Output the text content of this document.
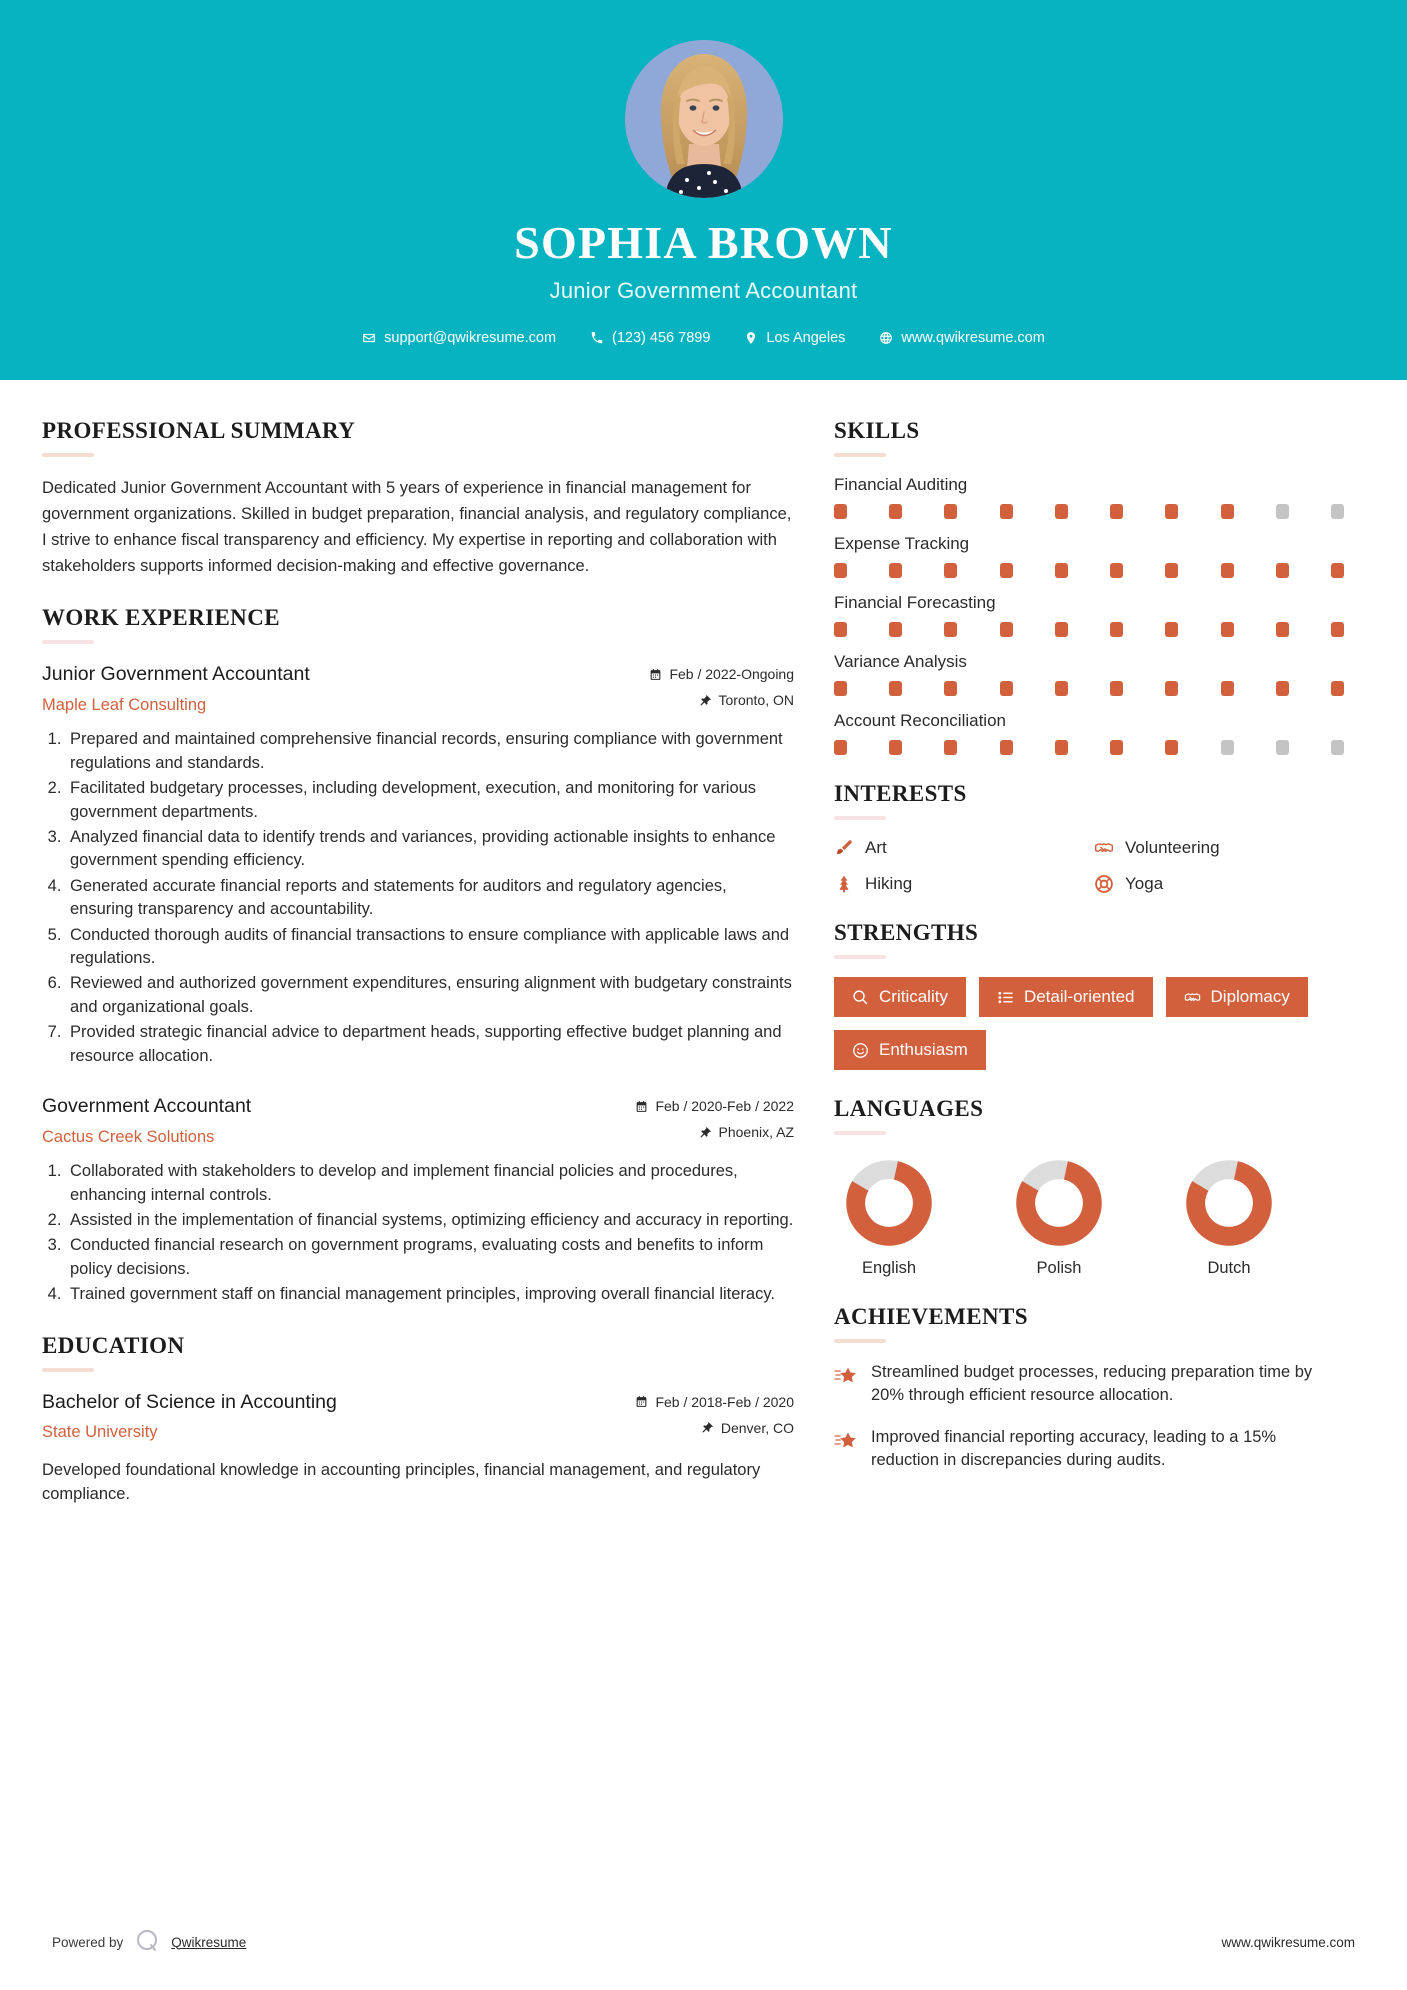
SOPHIA BROWN
Junior Government Accountant
support@qwikresume.com	(123) 456 7899	Los Angeles	www.qwikresume.com
PROFESSIONAL SUMMARY
Dedicated Junior Government Accountant with 5 years of experience in financial management for government organizations. Skilled in budget preparation, financial analysis, and regulatory compliance, I strive to enhance fiscal transparency and efficiency. My expertise in reporting and collaboration with stakeholders supports informed decision-making and effective governance.
WORK EXPERIENCE
Junior Government Accountant
Maple Leaf Consulting
Feb / 2022-Ongoing
Toronto, ON
1. Prepared and maintained comprehensive financial records, ensuring compliance with government regulations and standards.
2. Facilitated budgetary processes, including development, execution, and monitoring for various government departments.
3. Analyzed financial data to identify trends and variances, providing actionable insights to enhance government spending efficiency.
4. Generated accurate financial reports and statements for auditors and regulatory agencies, ensuring transparency and accountability.
5. Conducted thorough audits of financial transactions to ensure compliance with applicable laws and regulations.
6. Reviewed and authorized government expenditures, ensuring alignment with budgetary constraints and organizational goals.
7. Provided strategic financial advice to department heads, supporting effective budget planning and resource allocation.
Government Accountant
Cactus Creek Solutions
Feb / 2020-Feb / 2022
Phoenix, AZ
1. Collaborated with stakeholders to develop and implement financial policies and procedures, enhancing internal controls.
2. Assisted in the implementation of financial systems, optimizing efficiency and accuracy in reporting.
3. Conducted financial research on government programs, evaluating costs and benefits to inform policy decisions.
4. Trained government staff on financial management principles, improving overall financial literacy.
EDUCATION
Bachelor of Science in Accounting
State University
Feb / 2018-Feb / 2020
Denver, CO
Developed foundational knowledge in accounting principles, financial management, and regulatory compliance.
SKILLS
Financial Auditing
Expense Tracking
Financial Forecasting
Variance Analysis
Account Reconciliation
INTERESTS
Art	Volunteering
Hiking	Yoga
STRENGTHS
Criticality	Detail-oriented	Diplomacy
Enthusiasm
LANGUAGES
English	Polish	Dutch
ACHIEVEMENTS
Streamlined budget processes, reducing preparation time by 20% through efficient resource allocation.
Improved financial reporting accuracy, leading to a 15% reduction in discrepancies during audits.
Powered by	Qwikresume	www.qwikresume.com
